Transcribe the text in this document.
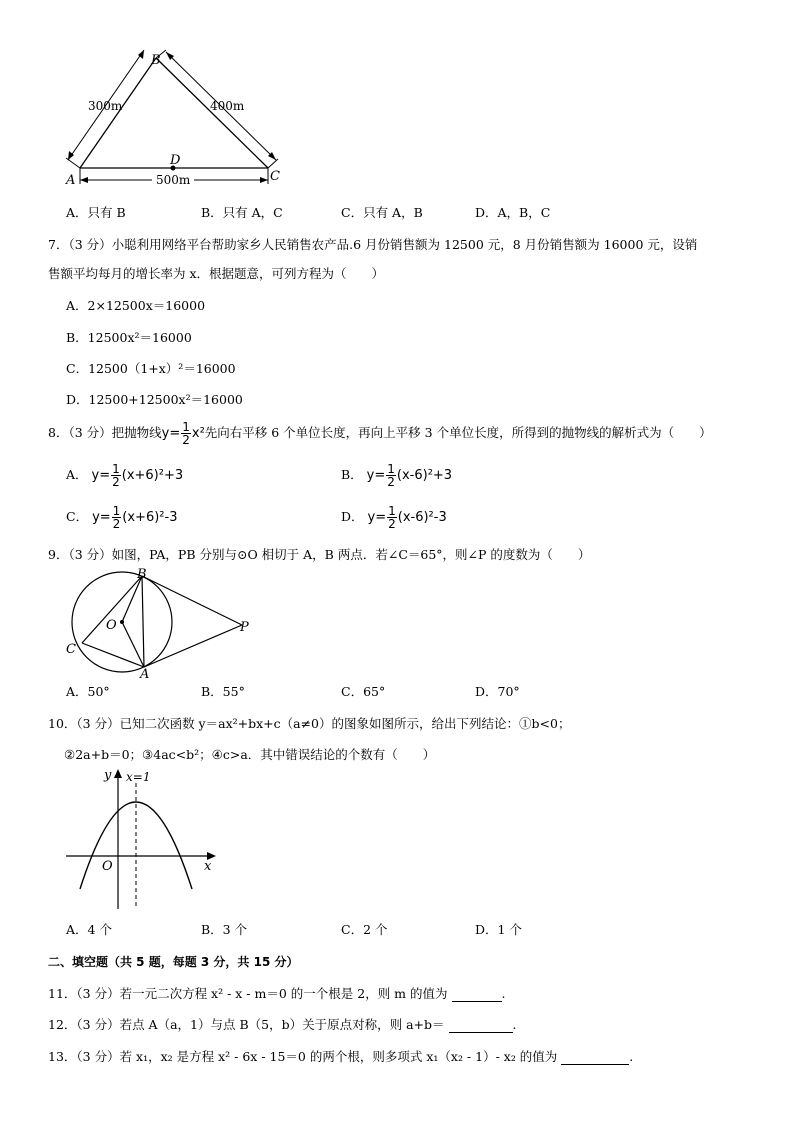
B
A	C
D
300m	400m
500m
A．只有 B	B．只有 A，C	C．只有 A，B	D．A，B，C
7．（3 分）小聪利用网络平台帮助家乡人民销售农产品.6 月份销售额为 12500 元，8 月份销售额为 16000 元，设销
售额平均每月的增长率为 x．根据题意，可列方程为（　　）
A．2×12500x＝16000
B．12500x²＝16000
C．12500（1+x）²＝16000
D．12500+12500x²＝16000
8．（3 分）把抛物线$y= \frac{1}{2} x^2$先向右平移 6 个单位长度，再向上平移 3 个单位长度，所得到的抛物线的解析式为（　　）
A． $y= \frac{1}{2} (x+6)^2+3$	B． $y= \frac{1}{2} (x-6)^2+3$
C． $y= \frac{1}{2} (x+6)^2-3$	D． $y= \frac{1}{2} (x-6)^2-3$
9．（3 分）如图，PA，PB 分别与⊙O 相切于 A，B 两点．若∠C＝65°，则∠P 的度数为（　　）
B
O	P
C
A
A．50°	B．55°	C．65°	D．70°
10．（3 分）已知二次函数 y＝ax²+bx+c（a≠0）的图象如图所示，给出下列结论：①b<0；
②2a+b＝0；③4ac<b²；④c>a．其中错误结论的个数有（　　）
y x=1
O	x
A．4 个	B．3 个	C．2 个	D．1 个
二、填空题（共 5 题，每题 3 分，共 15 分）
11．（3 分）若一元二次方程 x² - x - m＝0 的一个根是 2，则 m 的值为	.
12．（3 分）若点 A（a，1）与点 B（5，b）关于原点对称，则 a+b＝	.
13．（3 分）若 x₁，x₂ 是方程 x² - 6x - 15＝0 的两个根，则多项式 x₁（x₂ - 1）- x₂ 的值为	.
